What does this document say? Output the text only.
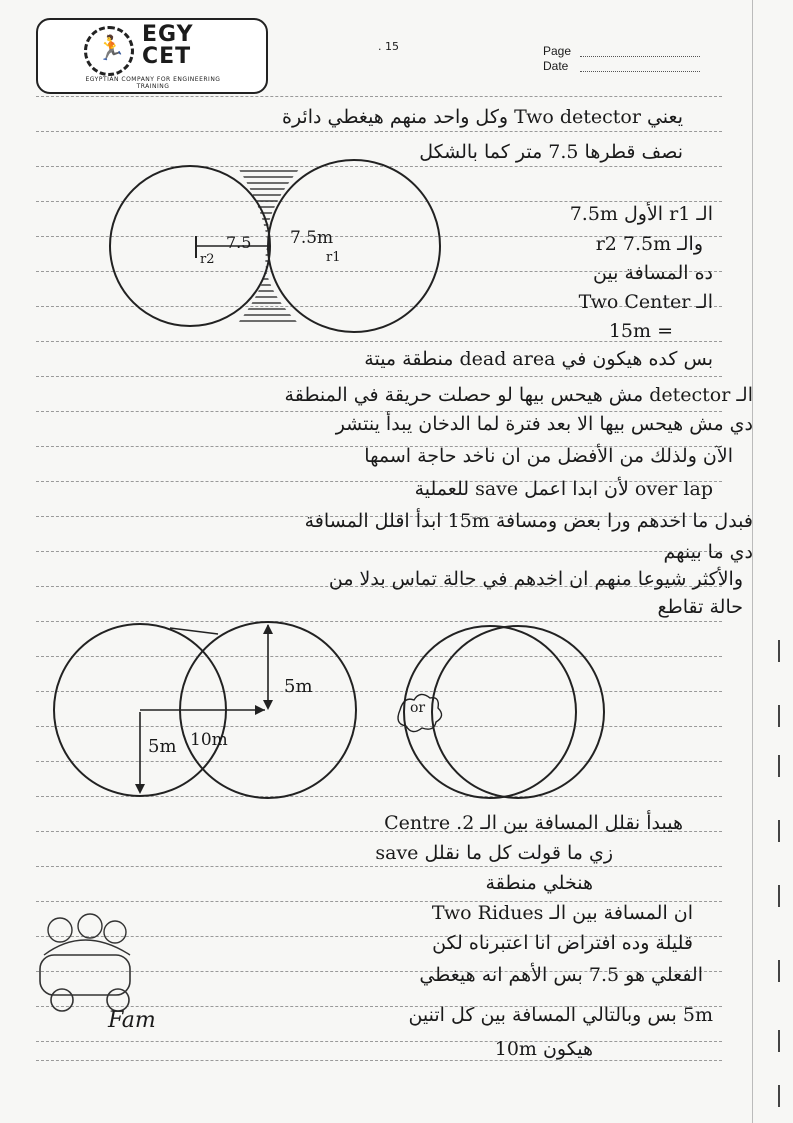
🏃 EGY
CET
EGYPTIAN COMPANY FOR ENGINEERING TRAINING
. 15	Page
Date
يعني Two detector وكل واحد منهم هيغطي دائرة
نصف قطرها 7.5 متر كما بالشكل
الـ r1 الأول 7.5m
والـ r2 7.5m
ده المسافة بين
الـ Two Center
= 15m
بس كده هيكون في dead area منطقة ميتة
الـ detector مش هيحس بيها لو حصلت حريقة في المنطقة
دي مش هيحس بيها الا بعد فترة لما الدخان يبدأ ينتشر
الآن ولذلك من الأفضل من ان ناخد حاجة اسمها
over lap لأن ابدا اعمل save للعملية
فبدل ما اخدهم ورا بعض ومسافة 15m ابدأ اقلل المسافة
دي ما بينهم
والأكثر شيوعا منهم ان اخدهم في حالة تماس بدلا من
حالة تقاطع
هيبدأ نقلل المسافة بين الـ 2. Centre
زي ما قولت كل ما نقلل save
هنخلي منطقة
ان المسافة بين الـ Two Ridues
قليلة وده افتراض انا اعتبرناه لكن
الفعلي هو 7.5 بس الأهم انه هيغطي
5m بس وبالتالي المسافة بين كل اتنين
هيكون 10m
7.5
r2
7.5m
r1
5m
10m
5m
or
Fam
